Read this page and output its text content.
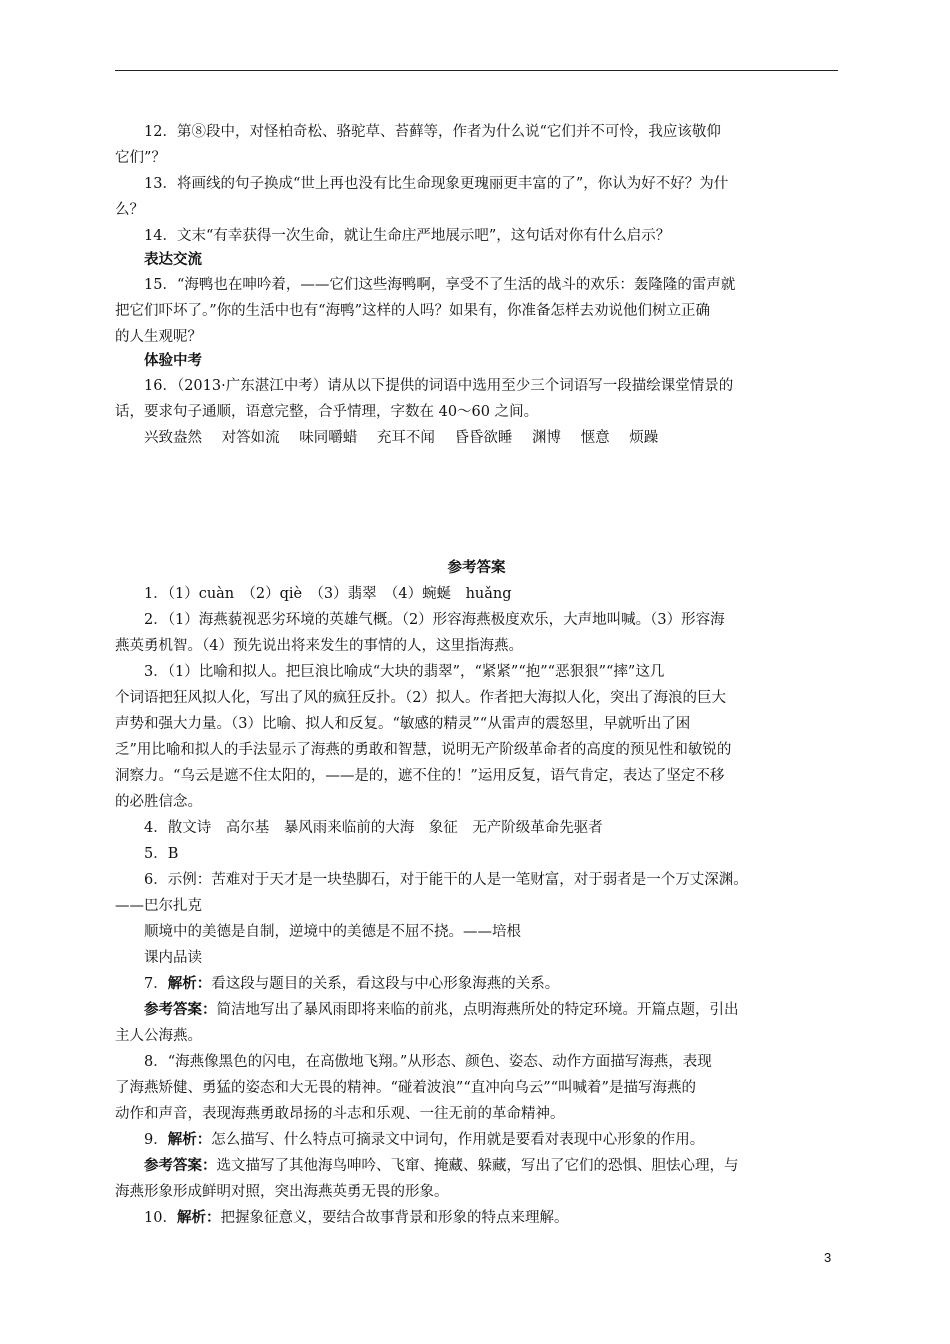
12．第⑧段中，对怪柏奇松、骆驼草、苔藓等，作者为什么说“它们并不可怜，我应该敬仰
它们”？
13．将画线的句子换成“世上再也没有比生命现象更瑰丽更丰富的了”，你认为好不好？为什
么？
14．文末“有幸获得一次生命，就让生命庄严地展示吧”，这句话对你有什么启示？
表达交流
15．“海鸭也在呻吟着，——它们这些海鸭啊，享受不了生活的战斗的欢乐：轰隆隆的雷声就
把它们吓坏了。”你的生活中也有“海鸭”这样的人吗？如果有，你准备怎样去劝说他们树立正确
的人生观呢？
体验中考
16．（2013·广东湛江中考）请从以下提供的词语中选用至少三个词语写一段描绘课堂情景的
话，要求句子通顺，语意完整，合乎情理，字数在 40～60 之间。
兴致盎然 对答如流 味同嚼蜡 充耳不闻 昏昏欲睡 渊博 惬意 烦躁
参考答案
1．（1）cuàn　（2）qiè　（3）翡翠　（4）蜿蜒　huǎng
2．（1）海燕藐视恶劣环境的英雄气概。（2）形容海燕极度欢乐，大声地叫喊。（3）形容海
燕英勇机智。（4）预先说出将来发生的事情的人，这里指海燕。
3．（1）比喻和拟人。把巨浪比喻成“大块的翡翠”，“紧紧”“抱”“恶狠狠”“摔”这几
个词语把狂风拟人化，写出了风的疯狂反扑。（2）拟人。作者把大海拟人化，突出了海浪的巨大
声势和强大力量。（3）比喻、拟人和反复。“敏感的精灵”“从雷声的震怒里，早就听出了困
乏”用比喻和拟人的手法显示了海燕的勇敢和智慧，说明无产阶级革命者的高度的预见性和敏锐的
洞察力。“乌云是遮不住太阳的，——是的，遮不住的！”运用反复，语气肯定，表达了坚定不移
的必胜信念。
4．散文诗　高尔基　暴风雨来临前的大海　象征　无产阶级革命先驱者
5．B
6．示例：苦难对于天才是一块垫脚石，对于能干的人是一笔财富，对于弱者是一个万丈深渊。
——巴尔扎克
顺境中的美德是自制，逆境中的美德是不屈不挠。——培根
课内品读
7．解析：看这段与题目的关系，看这段与中心形象海燕的关系。
参考答案：简洁地写出了暴风雨即将来临的前兆，点明海燕所处的特定环境。开篇点题，引出
主人公海燕。
8．“海燕像黑色的闪电，在高傲地飞翔。”从形态、颜色、姿态、动作方面描写海燕，表现
了海燕矫健、勇猛的姿态和大无畏的精神。“碰着波浪”“直冲向乌云”“叫喊着”是描写海燕的
动作和声音，表现海燕勇敢昂扬的斗志和乐观、一往无前的革命精神。
9．解析：怎么描写、什么特点可摘录文中词句，作用就是要看对表现中心形象的作用。
参考答案：选文描写了其他海鸟呻吟、飞窜、掩藏、躲藏，写出了它们的恐惧、胆怯心理，与
海燕形象形成鲜明对照，突出海燕英勇无畏的形象。
10．解析：把握象征意义，要结合故事背景和形象的特点来理解。
3
